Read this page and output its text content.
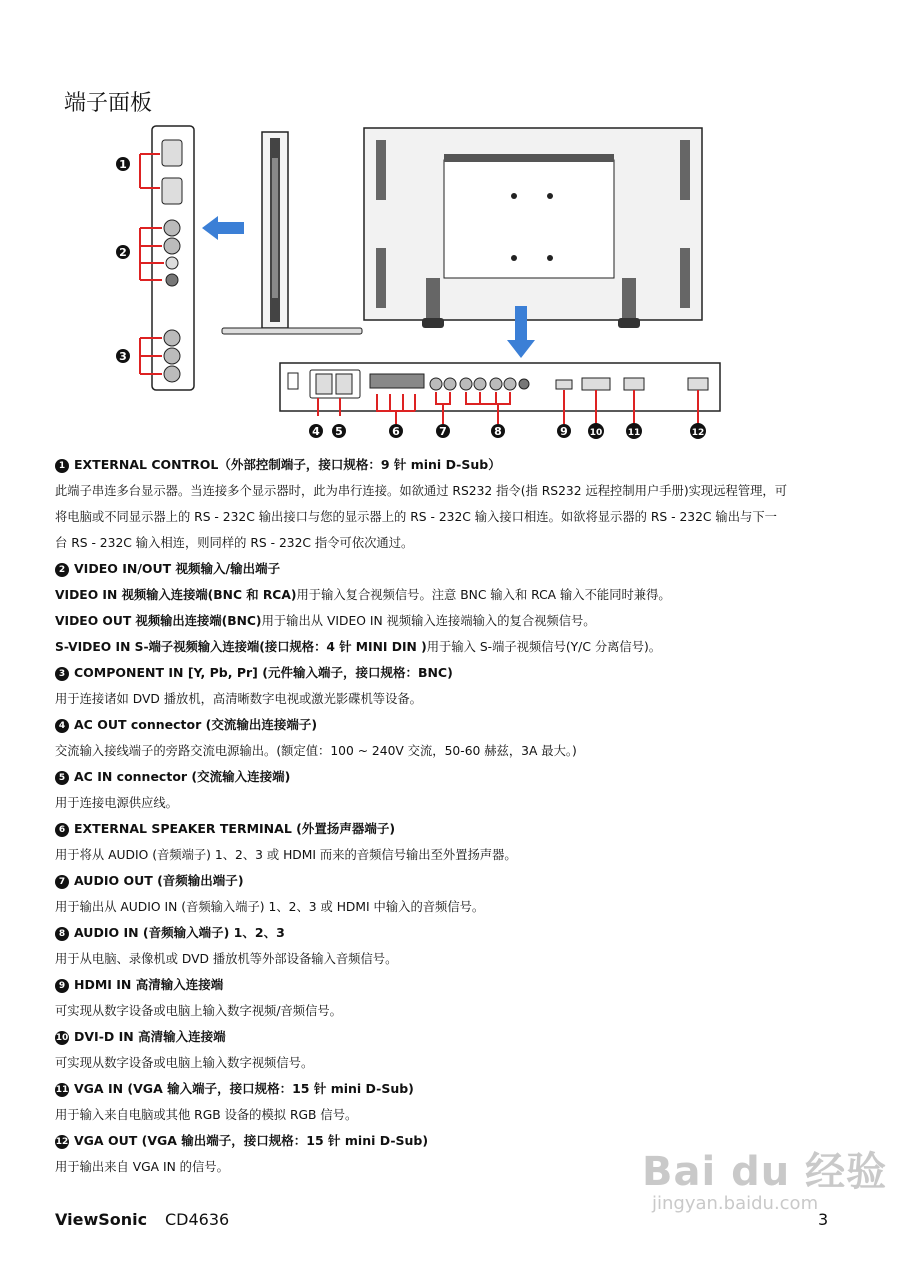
端子面板
1
2
3
4 5	6	7	8	9 10	11	12
1 EXTERNAL CONTROL（外部控制端子，接口规格：9 针 mini D-Sub）
此端子串连多台显示器。当连接多个显示器时，此为串行连接。如欲通过 RS232 指令(指 RS232 远程控制用户手册)实现远程管理，可
将电脑或不同显示器上的 RS - 232C 输出接口与您的显示器上的 RS - 232C 输入接口相连。如欲将显示器的 RS - 232C 输出与下一
台 RS - 232C 输入相连，则同样的 RS - 232C 指令可依次通过。
2 VIDEO IN/OUT 视频输入/输出端子
VIDEO IN 视频输入连接端(BNC 和 RCA)用于输入复合视频信号。注意 BNC 输入和 RCA 输入不能同时兼得。
VIDEO OUT 视频输出连接端(BNC)用于输出从 VIDEO IN 视频输入连接端输入的复合视频信号。
S-VIDEO IN S-端子视频输入连接端(接口规格：4 针 MINI DIN )用于输入 S-端子视频信号(Y/C 分离信号)。
3 COMPONENT IN [Y, Pb, Pr] (元件输入端子，接口规格：BNC)
用于连接诸如 DVD 播放机，高清晰数字电视或激光影碟机等设备。
4 AC OUT connector (交流输出连接端子)
交流输入接线端子的旁路交流电源输出。(额定值：100 ~ 240V 交流，50-60 赫兹，3A 最大。)
5 AC IN connector (交流输入连接端)
用于连接电源供应线。
6 EXTERNAL SPEAKER TERMINAL (外置扬声器端子)
用于将从 AUDIO (音频端子) 1、2、3 或 HDMI 而来的音频信号输出至外置扬声器。
7 AUDIO OUT (音频输出端子)
用于输出从 AUDIO IN (音频输入端子) 1、2、3 或 HDMI 中输入的音频信号。
8 AUDIO IN (音频输入端子) 1、2、3
用于从电脑、录像机或 DVD 播放机等外部设备输入音频信号。
9 HDMI IN 高清输入连接端
可实现从数字设备或电脑上输入数字视频/音频信号。
10 DVI-D IN 高清输入连接端
可实现从数字设备或电脑上输入数字视频信号。
11 VGA IN (VGA 输入端子，接口规格：15 针 mini D-Sub)
用于输入来自电脑或其他 RGB 设备的模拟 RGB 信号。
12 VGA OUT (VGA 输出端子，接口规格：15 针 mini D-Sub)
用于输出来自 VGA IN 的信号。	Bai du 经验
jingyan.baidu.com
ViewSonic CD4636	3
